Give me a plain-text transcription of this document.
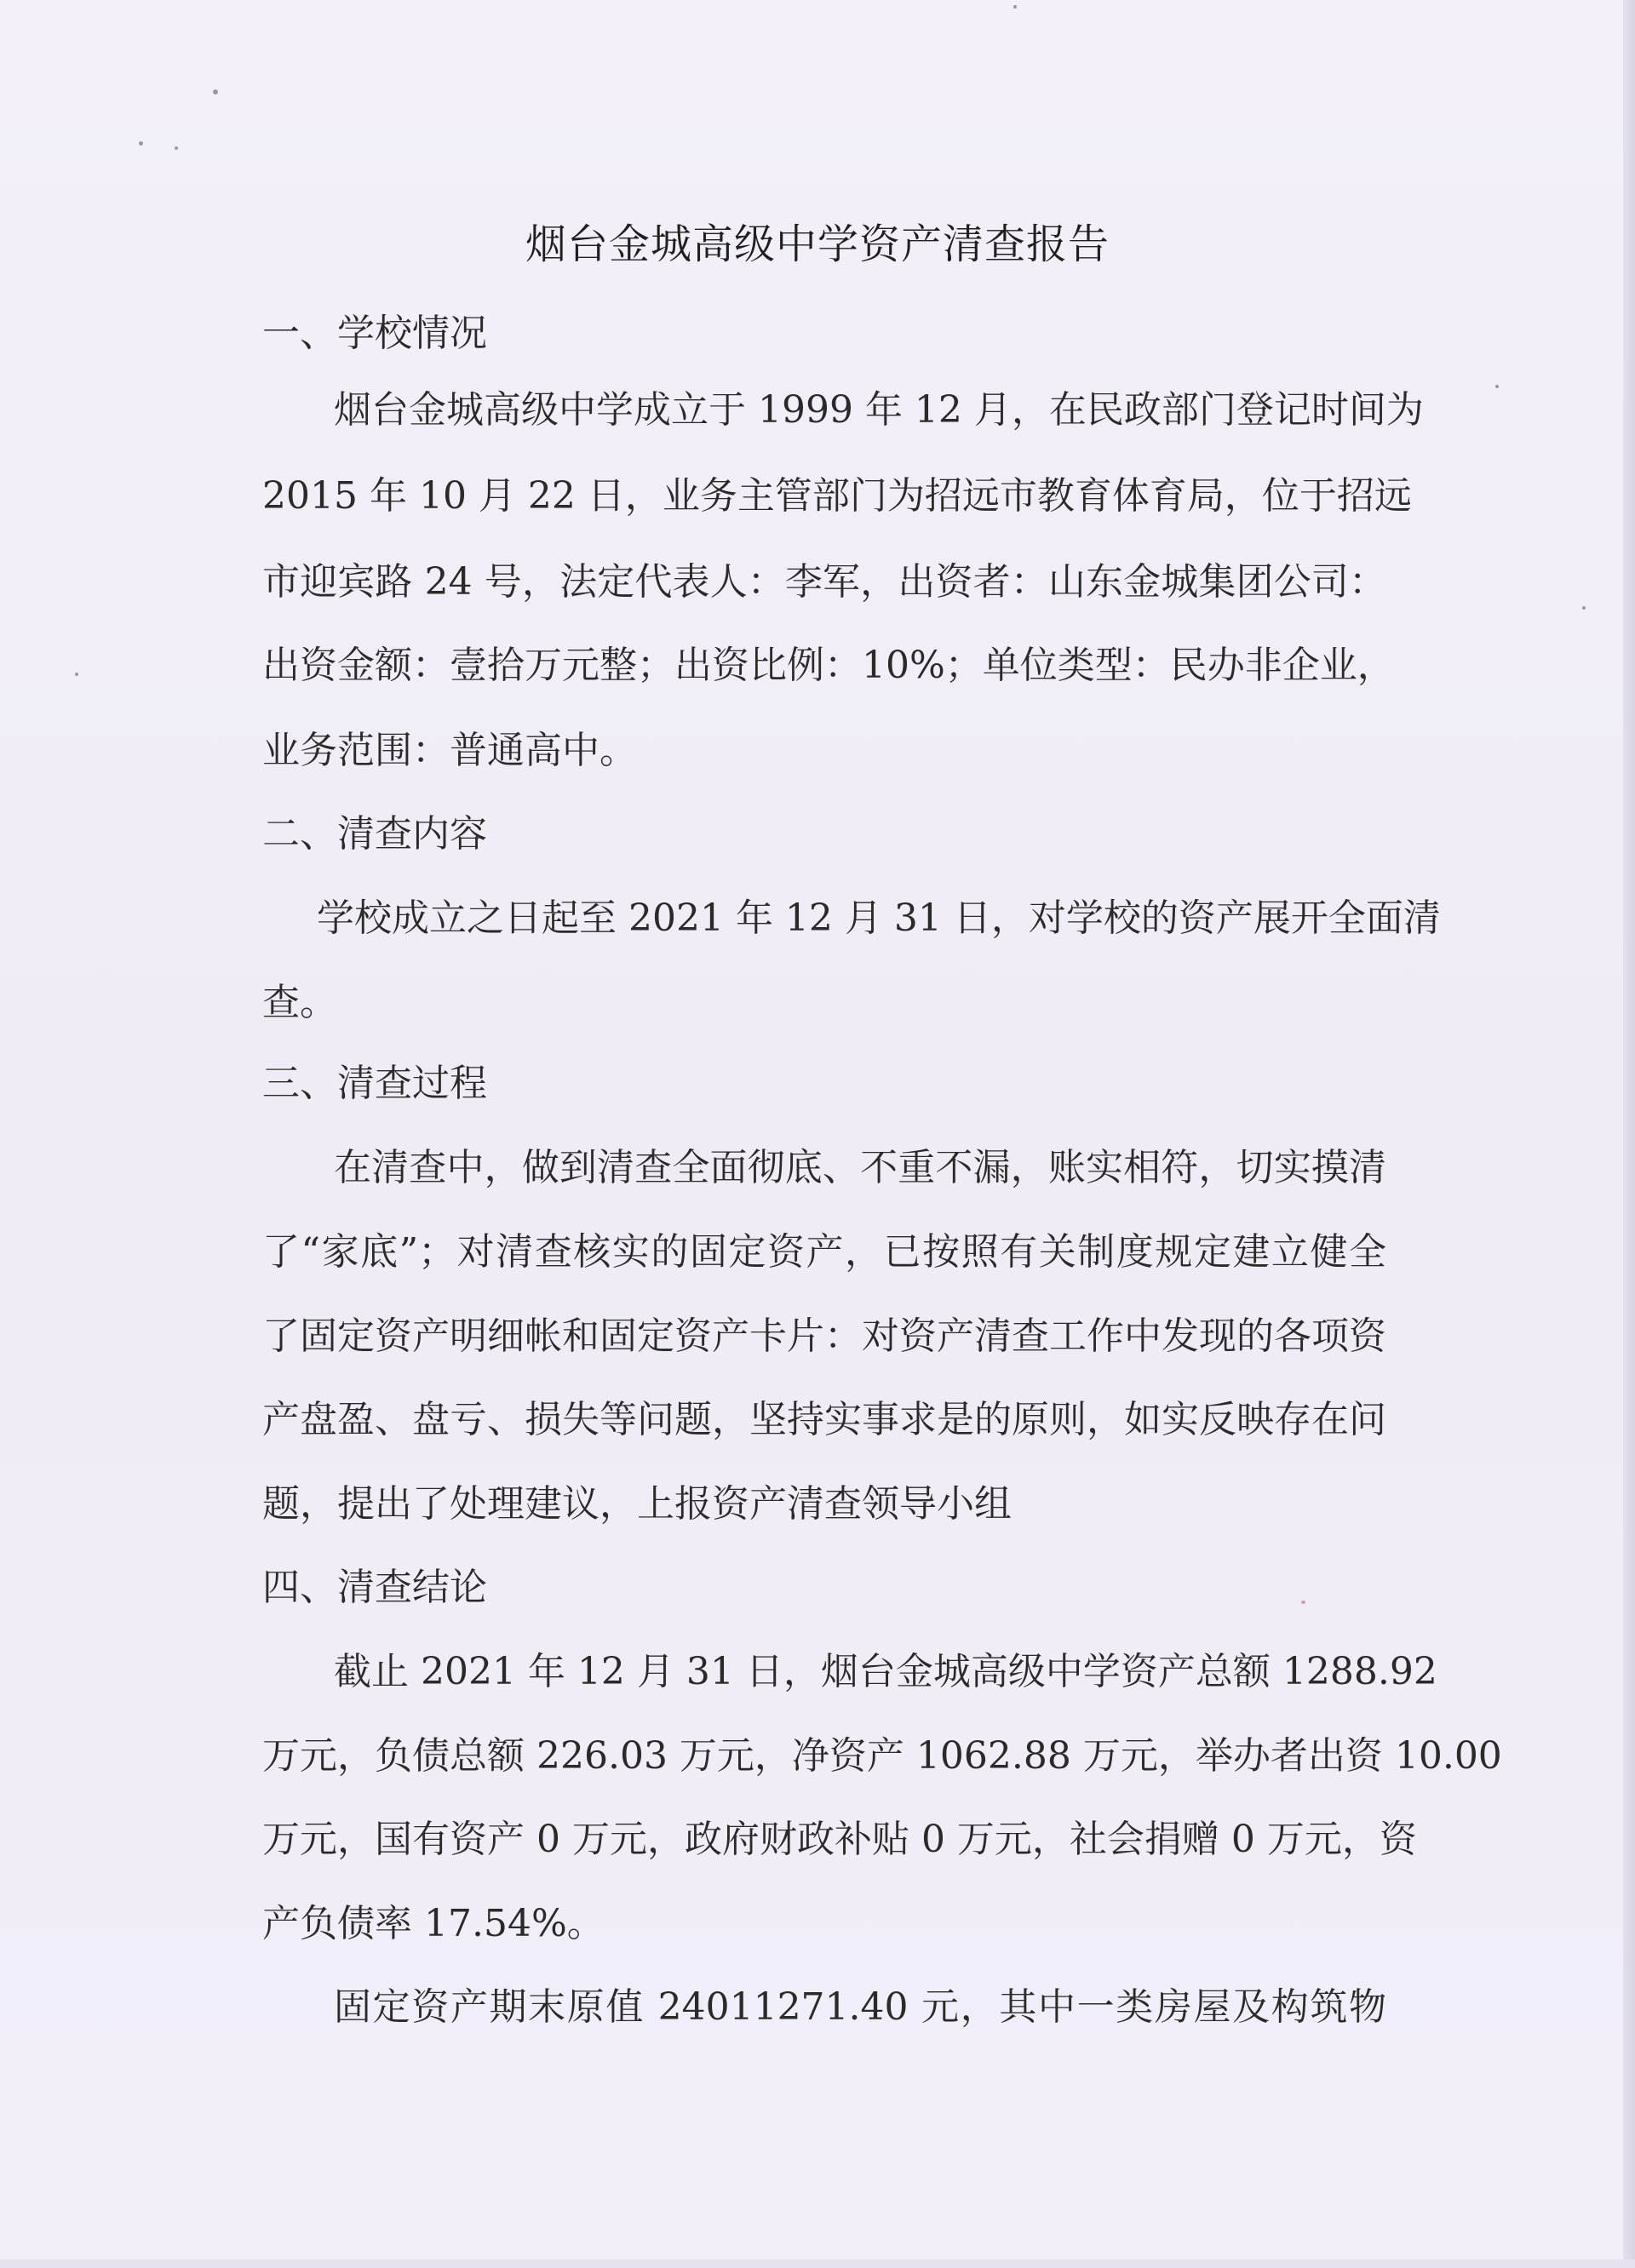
烟台金城高级中学资产清查报告
一、学校情况
烟台金城高级中学成立于 1999 年 12 月，在民政部门登记时间为
2015 年 10 月 22 日，业务主管部门为招远市教育体育局，位于招远
市迎宾路 24 号，法定代表人：李军，出资者：山东金城集团公司：
出资金额：壹拾万元整；出资比例：10%；单位类型：民办非企业，
业务范围：普通高中。
二、清查内容
学校成立之日起至 2021 年 12 月 31 日，对学校的资产展开全面清
查。
三、清查过程
在清查中，做到清查全面彻底、不重不漏，账实相符，切实摸清
了“家底”；对清查核实的固定资产，已按照有关制度规定建立健全
了固定资产明细帐和固定资产卡片：对资产清查工作中发现的各项资
产盘盈、盘亏、损失等问题，坚持实事求是的原则，如实反映存在问
题，提出了处理建议，上报资产清查领导小组
四、清查结论
截止 2021 年 12 月 31 日，烟台金城高级中学资产总额 1288.92
万元，负债总额 226.03 万元，净资产 1062.88 万元，举办者出资 10.00
万元，国有资产 0 万元，政府财政补贴 0 万元，社会捐赠 0 万元，资
产负债率 17.54%。
固定资产期末原值 24011271.40 元，其中一类房屋及构筑物
